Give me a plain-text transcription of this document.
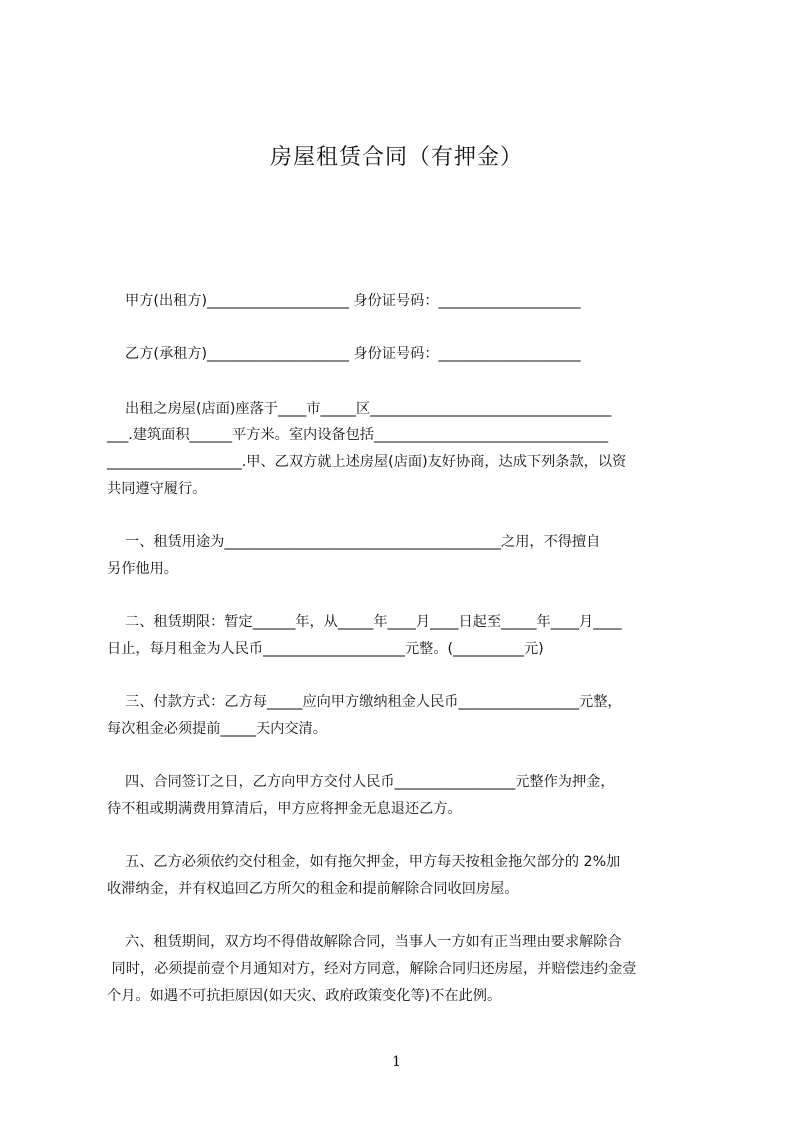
房屋租赁合同（有押金）

甲方(出租方)____________________ 身份证号码：____________________

乙方(承租方)____________________ 身份证号码：____________________

出租之房屋(店面)座落于____市_____区__________________________________

___.建筑面积______平方米。室内设备包括_________________________________

___________________.甲、乙双方就上述房屋(店面)友好协商，达成下列条款，以资

共同遵守履行。

一、租赁用途为_______________________________________之用，不得擅自

另作他用。

二、租赁期限：暂定______年，从_____年____月____日起至_____年____月____

日止，每月租金为人民币____________________元整。(__________元)

三、付款方式：乙方每_____应向甲方缴纳租金人民币_________________元整，

每次租金必须提前_____天内交清。

四、合同签订之日，乙方向甲方交付人民币_________________元整作为押金，

待不租或期满费用算清后，甲方应将押金无息退还乙方。

五、乙方必须依约交付租金，如有拖欠押金，甲方每天按租金拖欠部分的 2%加

收滞纳金，并有权追回乙方所欠的租金和提前解除合同收回房屋。

六、租赁期间，双方均不得借故解除合同，当事人一方如有正当理由要求解除合

同时，必须提前壹个月通知对方，经对方同意，解除合同归还房屋，并赔偿违约金壹

个月。如遇不可抗拒原因(如天灾、政府政策变化等)不在此例。

1
